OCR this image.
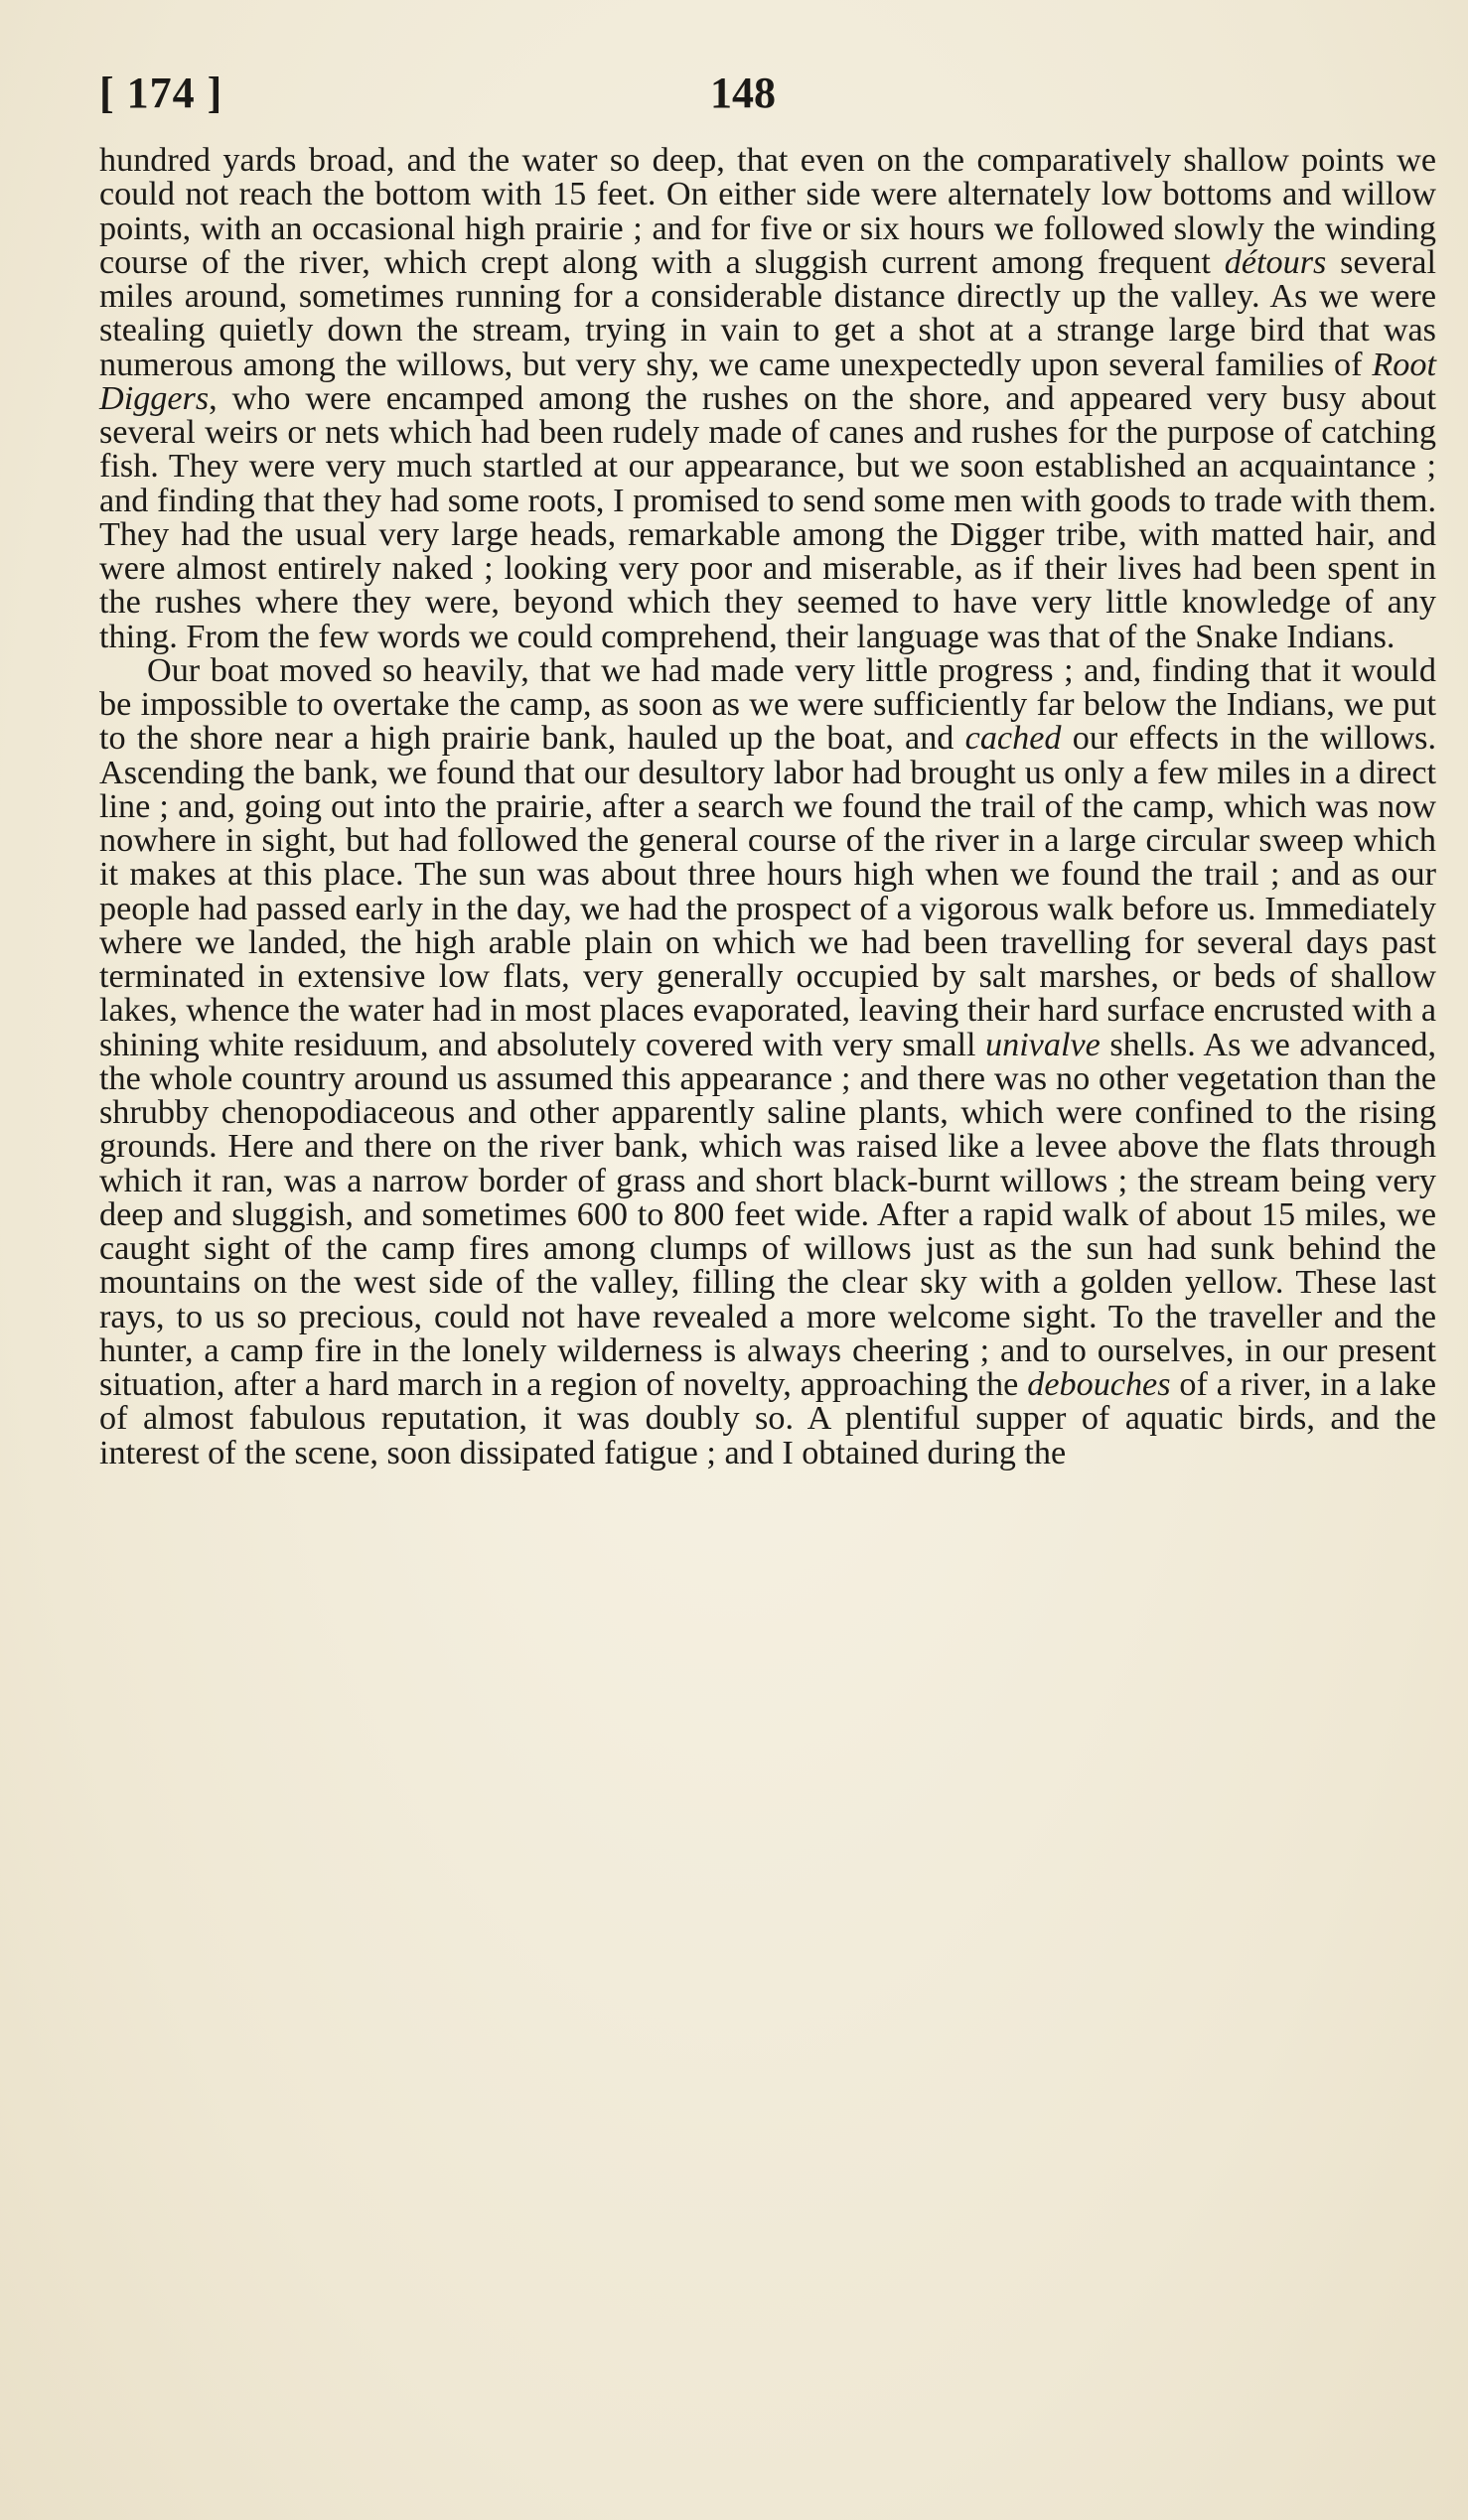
[ 174 ]	148

hundred yards broad, and the water so deep, that even on the comparatively shallow points we could not reach the bottom with 15 feet. On either side were alternately low bottoms and willow points, with an occasional high prairie ; and for five or six hours we followed slowly the winding course of the river, which crept along with a sluggish current among frequent détours several miles around, sometimes running for a considerable distance directly up the valley. As we were stealing quietly down the stream, trying in vain to get a shot at a strange large bird that was numerous among the willows, but very shy, we came unexpectedly upon several families of Root Diggers, who were encamped among the rushes on the shore, and appeared very busy about several weirs or nets which had been rudely made of canes and rushes for the purpose of catching fish. They were very much startled at our appearance, but we soon established an acquaintance ; and finding that they had some roots, I promised to send some men with goods to trade with them. They had the usual very large heads, remarkable among the Digger tribe, with matted hair, and were almost entirely naked ; looking very poor and miserable, as if their lives had been spent in the rushes where they were, beyond which they seemed to have very little knowledge of any thing. From the few words we could comprehend, their language was that of the Snake Indians.

Our boat moved so heavily, that we had made very little progress ; and, finding that it would be impossible to overtake the camp, as soon as we were sufficiently far below the Indians, we put to the shore near a high prairie bank, hauled up the boat, and cached our effects in the willows. Ascending the bank, we found that our desultory labor had brought us only a few miles in a direct line ; and, going out into the prairie, after a search we found the trail of the camp, which was now nowhere in sight, but had followed the general course of the river in a large circular sweep which it makes at this place. The sun was about three hours high when we found the trail ; and as our people had passed early in the day, we had the prospect of a vigorous walk before us. Immediately where we landed, the high arable plain on which we had been travelling for several days past terminated in extensive low flats, very generally occupied by salt marshes, or beds of shallow lakes, whence the water had in most places evaporated, leaving their hard surface encrusted with a shining white residuum, and absolutely covered with very small univalve shells. As we advanced, the whole country around us assumed this appearance ; and there was no other vegetation than the shrubby chenopodiaceous and other apparently saline plants, which were confined to the rising grounds. Here and there on the river bank, which was raised like a levee above the flats through which it ran, was a narrow border of grass and short black-burnt willows ; the stream being very deep and sluggish, and sometimes 600 to 800 feet wide. After a rapid walk of about 15 miles, we caught sight of the camp fires among clumps of willows just as the sun had sunk behind the mountains on the west side of the valley, filling the clear sky with a golden yellow. These last rays, to us so precious, could not have revealed a more welcome sight. To the traveller and the hunter, a camp fire in the lonely wilderness is always cheering ; and to ourselves, in our present situation, after a hard march in a region of novelty, approaching the debouches of a river, in a lake of almost fabulous reputation, it was doubly so. A plentiful supper of aquatic birds, and the interest of the scene, soon dissipated fatigue ; and I obtained during the
